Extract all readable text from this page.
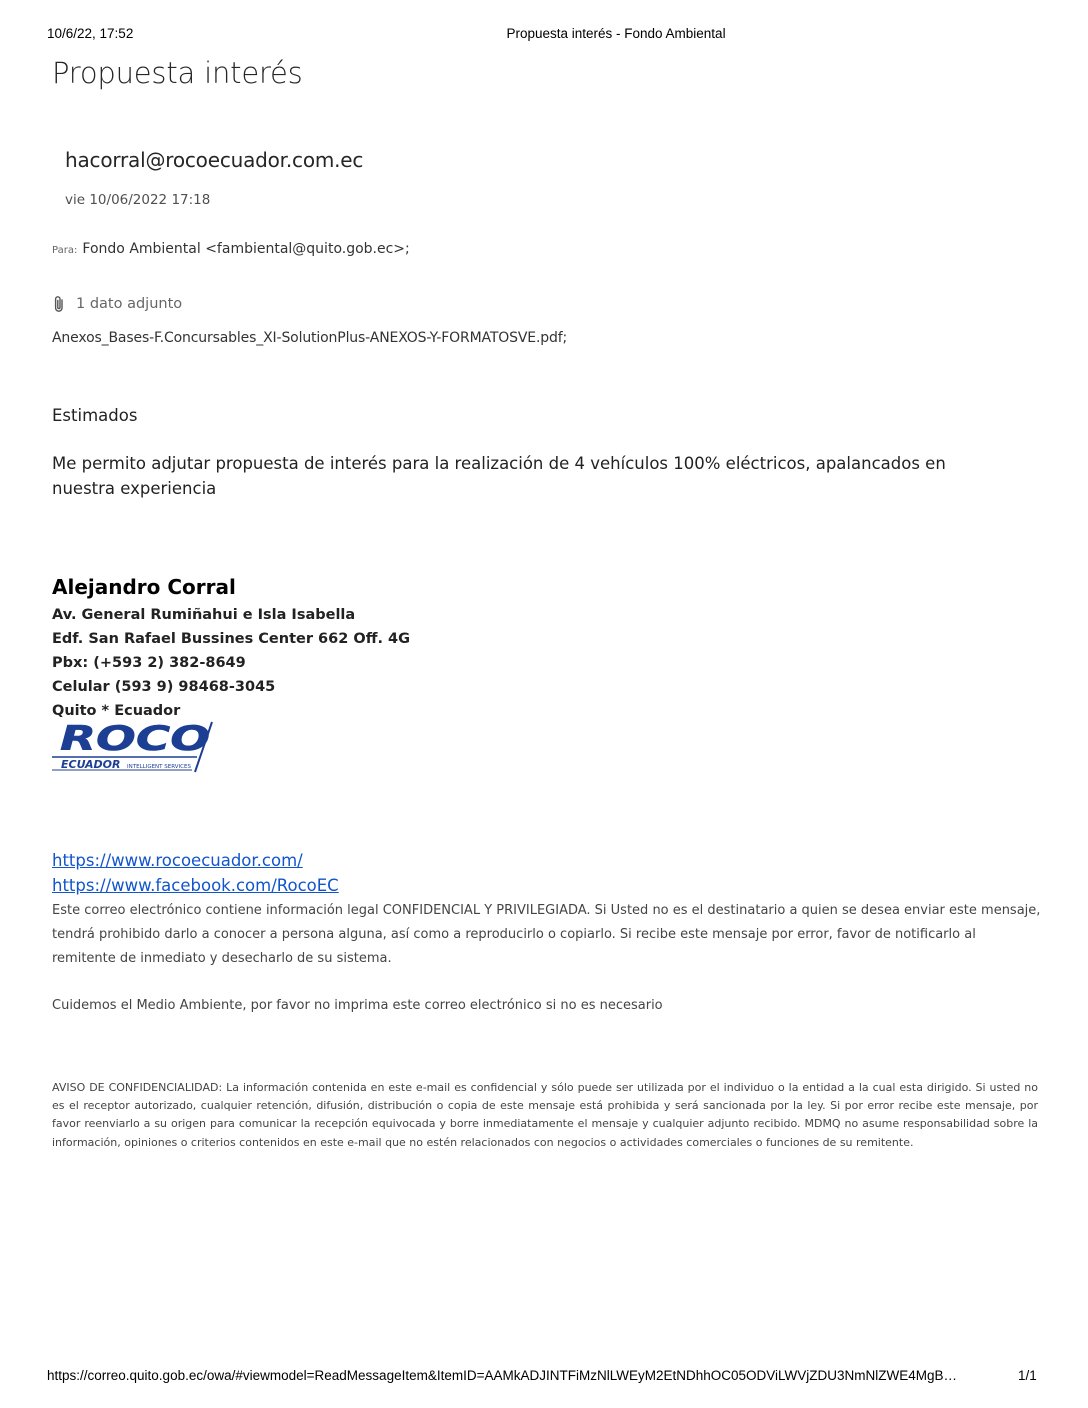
10/6/22, 17:52	Propuesta interés - Fondo Ambiental
Propuesta interés
hacorral@rocoecuador.com.ec
vie 10/06/2022 17:18
Para: Fondo Ambiental <fambiental@quito.gob.ec>;
1 dato adjunto
Anexos_Bases-F.Concursables_XI-SolutionPlus-ANEXOS-Y-FORMATOSVE.pdf;
Estimados
Me permito adjutar propuesta de interés para la realización de 4 vehículos 100% eléctricos, apalancados en nuestra experiencia
Alejandro Corral
Av. General Rumiñahui e Isla Isabella
Edf. San Rafael Bussines Center 662 Off. 4G
Pbx: (+593 2) 382-8649
Celular (593 9) 98468-3045
Quito * Ecuador
ROCO
ECUADOR INTELLIGENT SERVICES
https://www.rocoecuador.com/
https://www.facebook.com/RocoEC
Este correo electrónico contiene información legal CONFIDENCIAL Y PRIVILEGIADA. Si Usted no es el destinatario a quien se desea enviar este mensaje, tendrá prohibido darlo a conocer a persona alguna, así como a reproducirlo o copiarlo. Si recibe este mensaje por error, favor de notificarlo al remitente de inmediato y desecharlo de su sistema.
Cuidemos el Medio Ambiente, por favor no imprima este correo electrónico si no es necesario
AVISO DE CONFIDENCIALIDAD: La información contenida en este e-mail es confidencial y sólo puede ser utilizada por el individuo o la entidad a la cual esta dirigido. Si usted no es el receptor autorizado, cualquier retención, difusión, distribución o copia de este mensaje está prohibida y será sancionada por la ley. Si por error recibe este mensaje, por favor reenviarlo a su origen para comunicar la recepción equivocada y borre inmediatamente el mensaje y cualquier adjunto recibido. MDMQ no asume responsabilidad sobre la información, opiniones o criterios contenidos en este e-mail que no estén relacionados con negocios o actividades comerciales o funciones de su remitente.
https://correo.quito.gob.ec/owa/#viewmodel=ReadMessageItem&ItemID=AAMkADJINTFiMzNlLWEyM2EtNDhhOC05ODViLWVjZDU3NmNlZWE4MgB…	1/1
